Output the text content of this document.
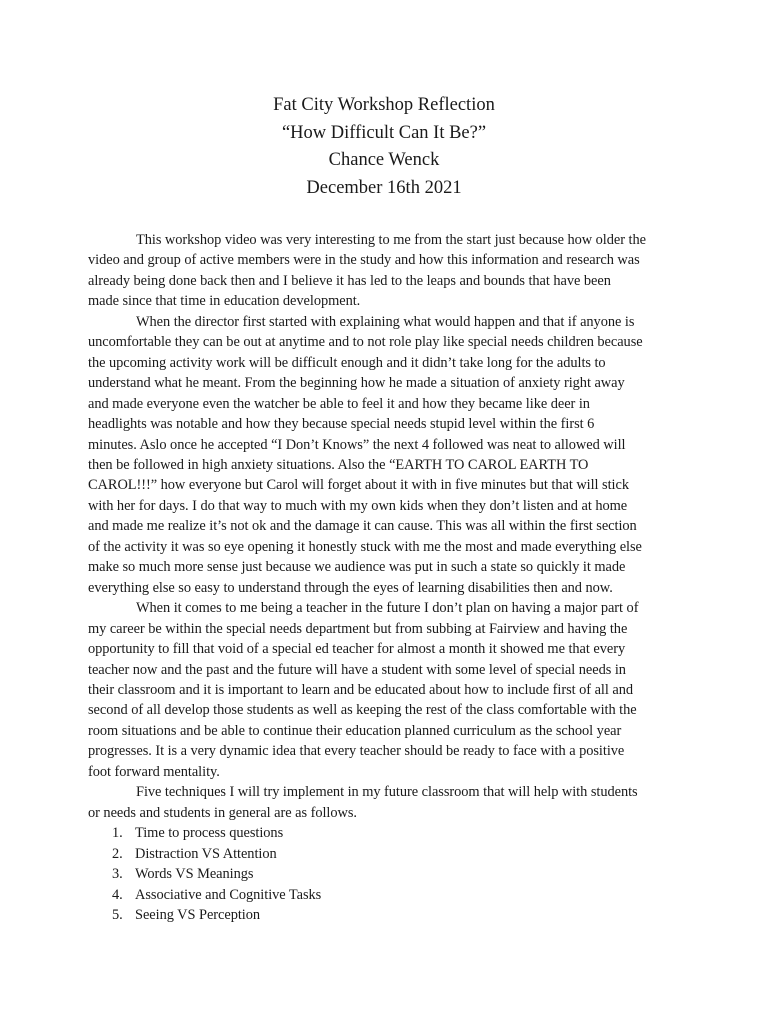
Fat City Workshop Reflection
“How Difficult Can It Be?”
Chance Wenck
December 16th 2021
This workshop video was very interesting to me from the start just because how older the
video and group of active members were in the study and how this information and research was
already being done back then and I believe it has led to the leaps and bounds that have been
made since that time in education development.
When the director first started with explaining what would happen and that if anyone is
uncomfortable they can be out at anytime and to not role play like special needs children because
the upcoming activity work will be difficult enough and it didn’t take long for the adults to
understand what he meant. From the beginning how he made a situation of anxiety right away
and made everyone even the watcher be able to feel it and how they became like deer in
headlights was notable and how they because special needs stupid level within the first 6
minutes. Aslo once he accepted “I Don’t Knows” the next 4 followed was neat to allowed will
then be followed in high anxiety situations. Also the “EARTH TO CAROL EARTH TO
CAROL!!!” how everyone but Carol will forget about it with in five minutes but that will stick
with her for days. I do that way to much with my own kids when they don’t listen and at home
and made me realize it’s not ok and the damage it can cause. This was all within the first section
of the activity it was so eye opening it honestly stuck with me the most and made everything else
make so much more sense just because we audience was put in such a state so quickly it made
everything else so easy to understand through the eyes of learning disabilities then and now.
When it comes to me being a teacher in the future I don’t plan on having a major part of
my career be within the special needs department but from subbing at Fairview and having the
opportunity to fill that void of a special ed teacher for almost a month it showed me that every
teacher now and the past and the future will have a student with some level of special needs in
their classroom and it is important to learn and be educated about how to include first of all and
second of all develop those students as well as keeping the rest of the class comfortable with the
room situations and be able to continue their education planned curriculum as the school year
progresses. It is a very dynamic idea that every teacher should be ready to face with a positive
foot forward mentality.
Five techniques I will try implement in my future classroom that will help with students
or needs and students in general are as follows.
1. Time to process questions
2. Distraction VS Attention
3. Words VS Meanings
4. Associative and Cognitive Tasks
5. Seeing VS Perception
